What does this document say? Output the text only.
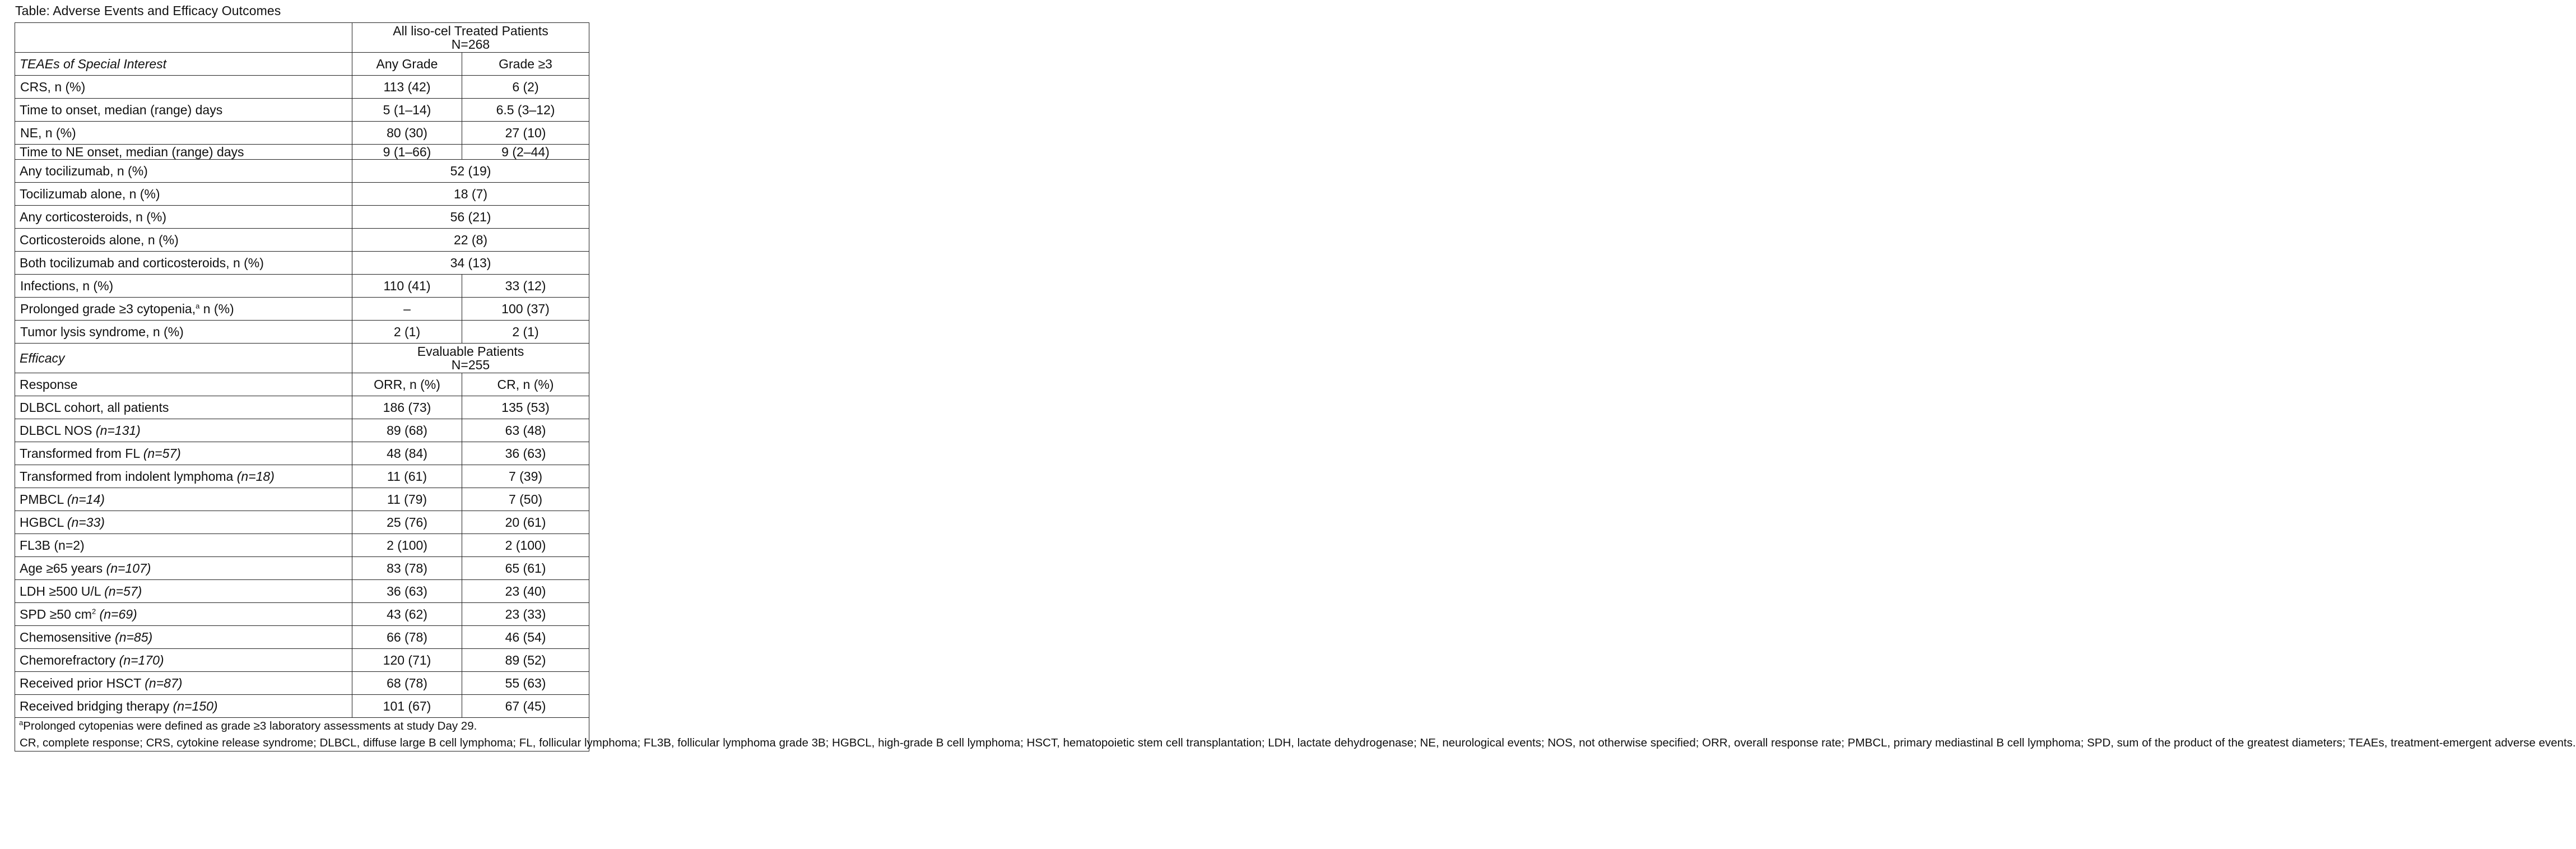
Table: Adverse Events and Efficacy Outcomes

	All liso-cel Treated Patients
N=268	

TEAEs of Special Interest	Any Grade	Grade ≥3
CRS, n (%)	113 (42)	6 (2)
Time to onset, median (range) days	5 (1–14)	6.5 (3–12)
NE, n (%)	80 (30)	27 (10)
Time to NE onset, median (range) days	9 (1–66)	9 (2–44)
Any tocilizumab, n (%)	52 (19)	
Tocilizumab alone, n (%)	18 (7)	
Any corticosteroids, n (%)	56 (21)	
Corticosteroids alone, n (%)	22 (8)	
Both tocilizumab and corticosteroids, n (%)	34 (13)	
Infections, n (%)	110 (41)	33 (12)
Prolonged grade ≥3 cytopenia,$^a$ n (%)	–	100 (37)
Tumor lysis syndrome, n (%)	2 (1)	2 (1)
Efficacy	Evaluable Patients
N=255	

Response	ORR, n (%)	CR, n (%)
DLBCL cohort, all patients	186 (73)	135 (53)
DLBCL NOS (n=131)	89 (68)	63 (48)
Transformed from FL (n=57)	48 (84)	36 (63)
Transformed from indolent lymphoma (n=18)	11 (61)	7 (39)
PMBCL (n=14)	11 (79)	7 (50)
HGBCL (n=33)	25 (76)	20 (61)
FL3B (n=2)	2 (100)	2 (100)
Age ≥65 years (n=107)	83 (78)	65 (61)
LDH ≥500 U/L (n=57)	36 (63)	23 (40)
SPD ≥50 $cm^2$ (n=69)	43 (62)	23 (33)
Chemosensitive (n=85)	66 (78)	46 (54)
Chemorefractory (n=170)	120 (71)	89 (52)
Received prior HSCT (n=87)	68 (78)	55 (63)
Received bridging therapy (n=150)	101 (67)	67 (45)

$^a$Prolonged cytopenias were defined as grade ≥3 laboratory assessments at study Day 29.
CR, complete response; CRS, cytokine release syndrome; DLBCL, diffuse large B cell lymphoma; FL, follicular lymphoma; FL3B, follicular lymphoma grade 3B; HGBCL, high-grade B cell lymphoma; HSCT, hematopoietic stem cell transplantation; LDH, lactate dehydrogenase; NE, neurological events; NOS, not otherwise specified; ORR, overall response rate; PMBCL, primary mediastinal B cell lymphoma; SPD, sum of the product of the greatest diameters; TEAEs, treatment-emergent adverse events.		
